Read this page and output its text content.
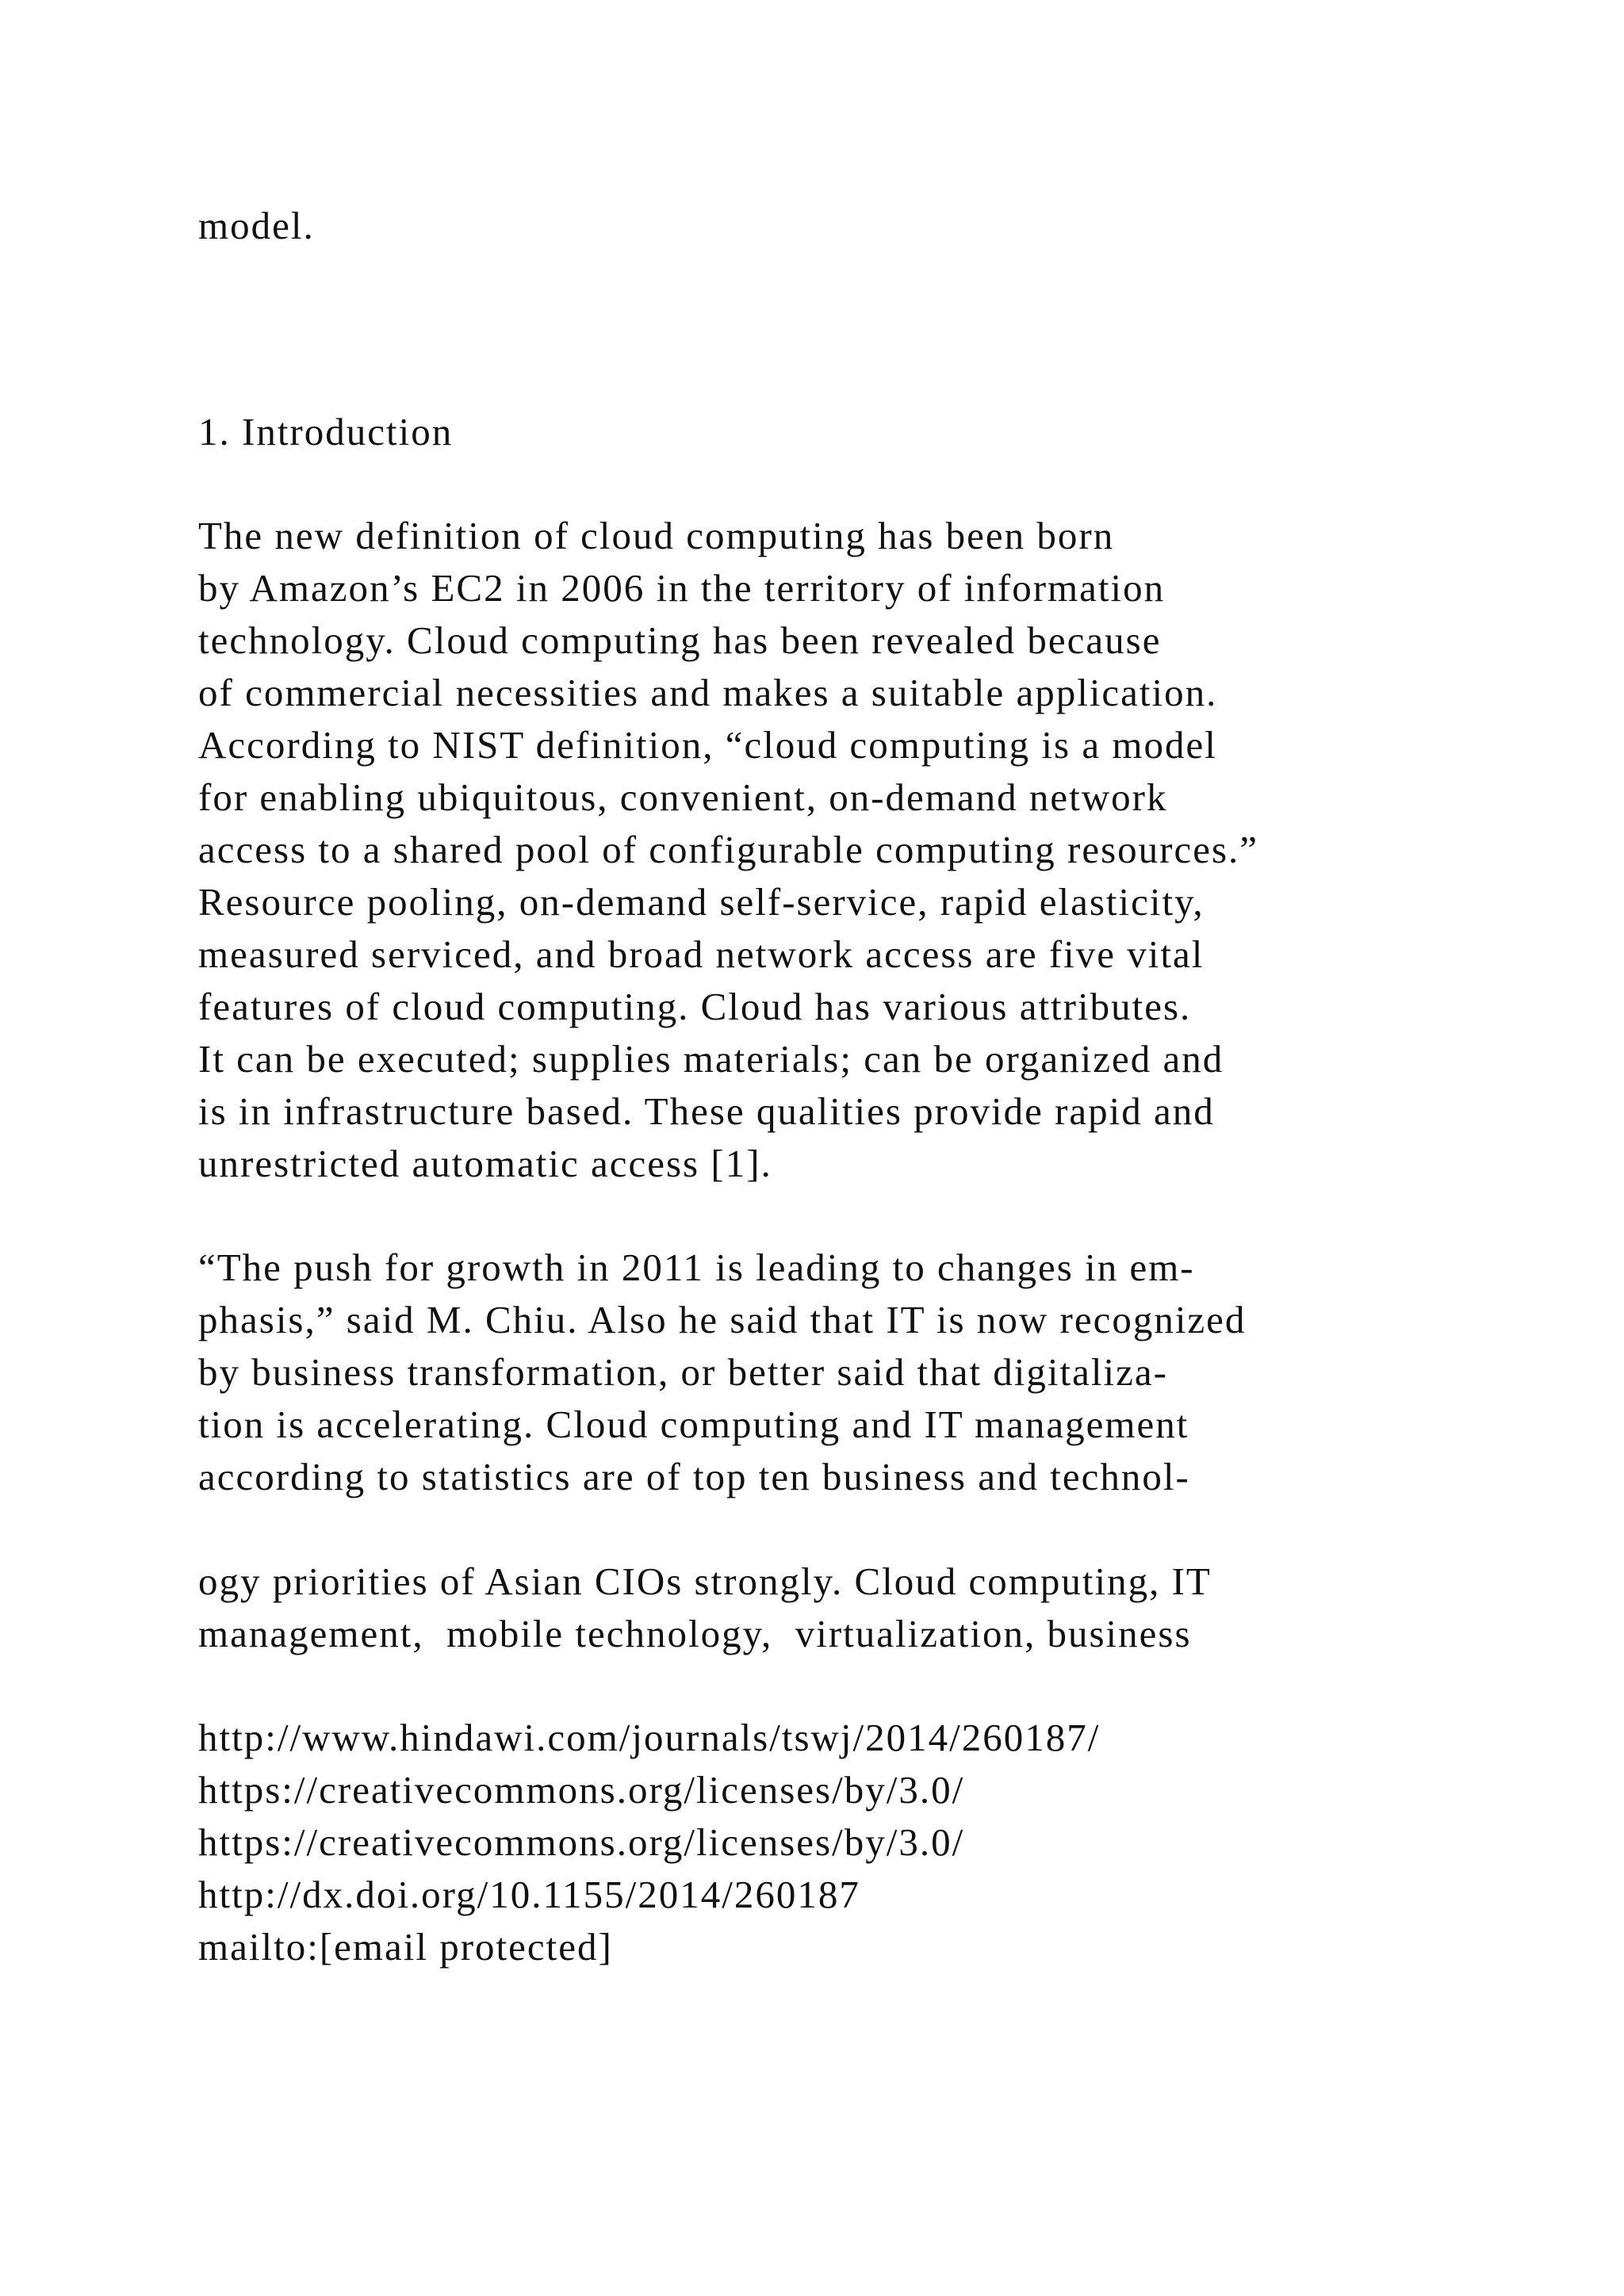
model.

1. Introduction

The new definition of cloud computing has been born

by Amazon’s EC2 in 2006 in the territory of information

technology. Cloud computing has been revealed because

of commercial necessities and makes a suitable application.

According to NIST definition, “cloud computing is a model

for enabling ubiquitous, convenient, on-demand network

access to a shared pool of configurable computing resources.”

Resource pooling, on-demand self-service, rapid elasticity,

measured serviced, and broad network access are five vital

features of cloud computing. Cloud has various attributes.

It can be executed; supplies materials; can be organized and

is in infrastructure based. These qualities provide rapid and

unrestricted automatic access [1].

“The push for growth in 2011 is leading to changes in em-

phasis,” said M. Chiu. Also he said that IT is now recognized

by business transformation, or better said that digitaliza-

tion is accelerating. Cloud computing and IT management

according to statistics are of top ten business and technol-

ogy priorities of Asian CIOs strongly. Cloud computing, IT

management,  mobile technology,  virtualization, business

http://www.hindawi.com/journals/tswj/2014/260187/

https://creativecommons.org/licenses/by/3.0/

https://creativecommons.org/licenses/by/3.0/

http://dx.doi.org/10.1155/2014/260187

mailto:[email protected]
